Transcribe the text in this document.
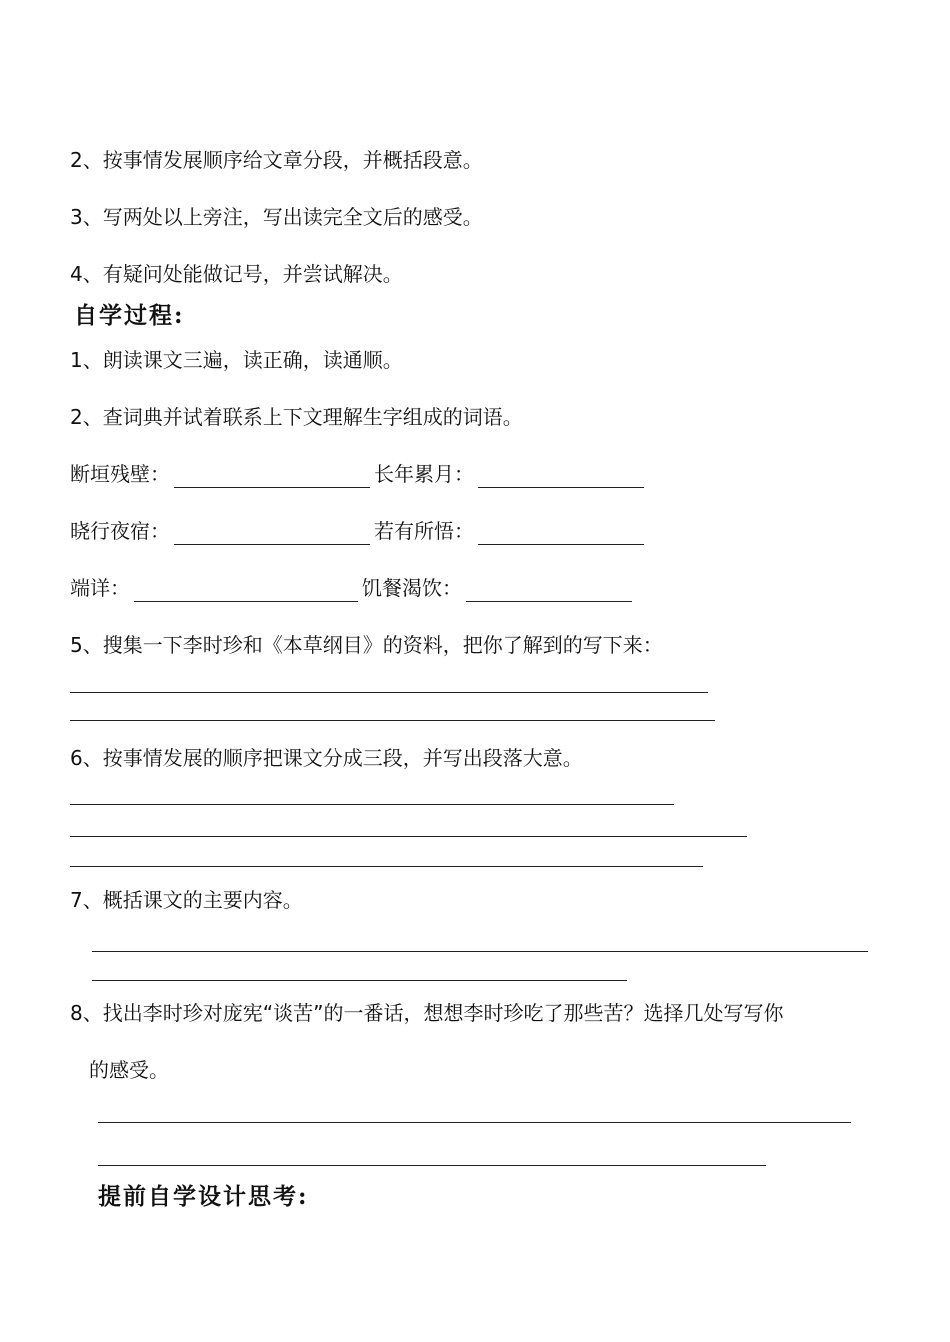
2、按事情发展顺序给文章分段，并概括段意。
3、写两处以上旁注，写出读完全文后的感受。
4、有疑问处能做记号，并尝试解决。
自学过程:
1、朗读课文三遍，读正确，读通顺。
2、查词典并试着联系上下文理解生字组成的词语。
断垣残壁：	长年累月：
晓行夜宿：	若有所悟：
端详：	饥餐渴饮：
5、搜集一下李时珍和《本草纲目》的资料，把你了解到的写下来：
6、按事情发展的顺序把课文分成三段，并写出段落大意。
7、概括课文的主要内容。
8、找出李时珍对庞宪“谈苦”的一番话，想想李时珍吃了那些苦？选择几处写写你
的感受。
提前自学设计思考:
